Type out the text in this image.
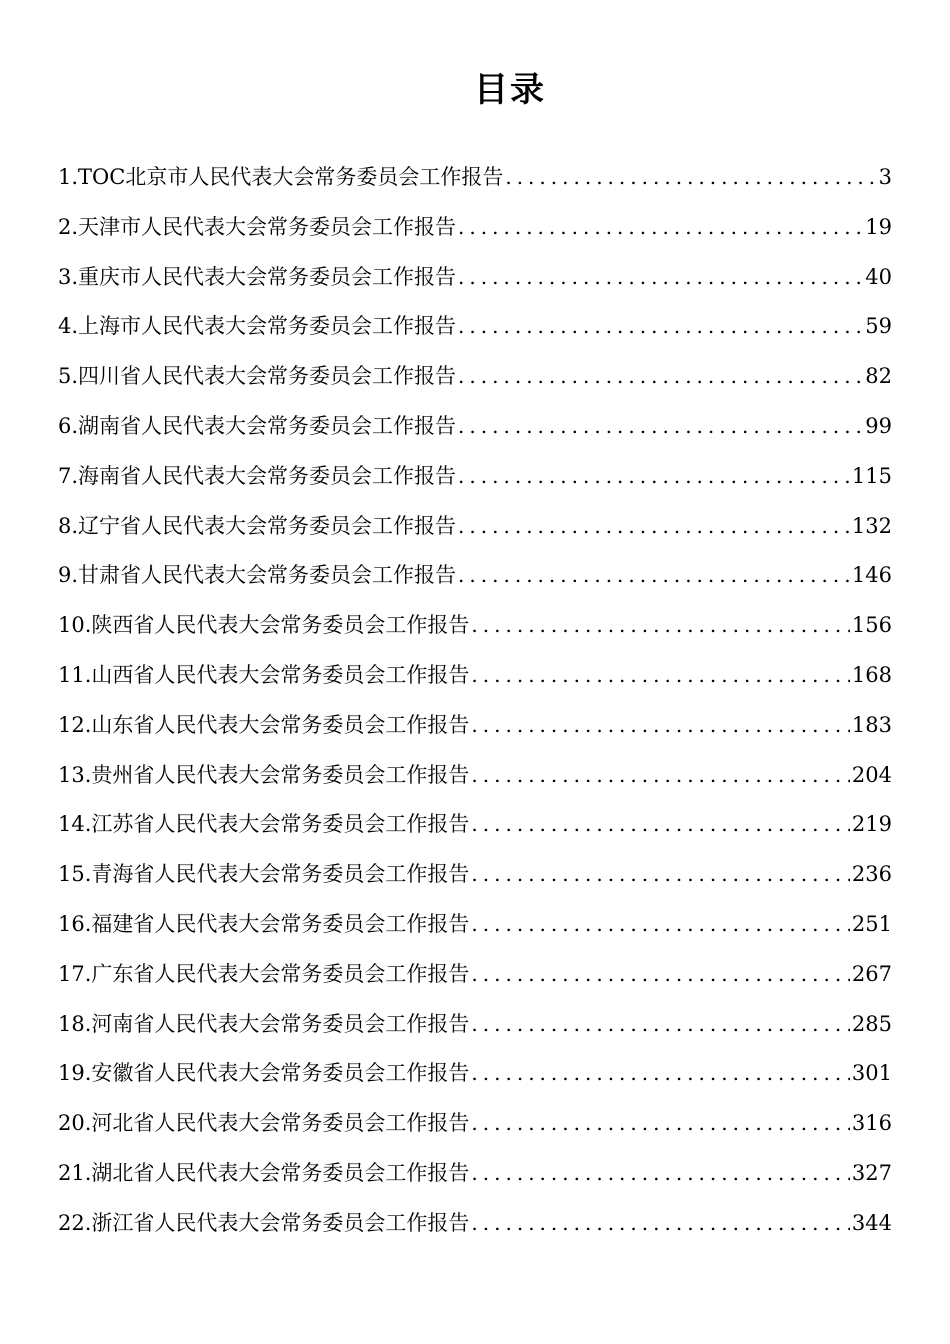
目录
1. TOC北京市人民代表大会常务委员会工作报告 .....	3
2. 天津市人民代表大会常务委员会工作报告 .....	19
3. 重庆市人民代表大会常务委员会工作报告 .....	40
4. 上海市人民代表大会常务委员会工作报告 .....	59
5. 四川省人民代表大会常务委员会工作报告 .....	82
6. 湖南省人民代表大会常务委员会工作报告 .....	99
7. 海南省人民代表大会常务委员会工作报告 .....	115
8. 辽宁省人民代表大会常务委员会工作报告 .....	132
9. 甘肃省人民代表大会常务委员会工作报告 .....	146
10. 陕西省人民代表大会常务委员会工作报告 .....	156
11. 山西省人民代表大会常务委员会工作报告 .....	168
12. 山东省人民代表大会常务委员会工作报告 .....	183
13. 贵州省人民代表大会常务委员会工作报告 .....	204
14. 江苏省人民代表大会常务委员会工作报告 .....	219
15. 青海省人民代表大会常务委员会工作报告 .....	236
16. 福建省人民代表大会常务委员会工作报告 .....	251
17. 广东省人民代表大会常务委员会工作报告 .....	267
18. 河南省人民代表大会常务委员会工作报告 .....	285
19. 安徽省人民代表大会常务委员会工作报告 .....	301
20. 河北省人民代表大会常务委员会工作报告 .....	316
21. 湖北省人民代表大会常务委员会工作报告 .....	327
22. 浙江省人民代表大会常务委员会工作报告 .....	344
